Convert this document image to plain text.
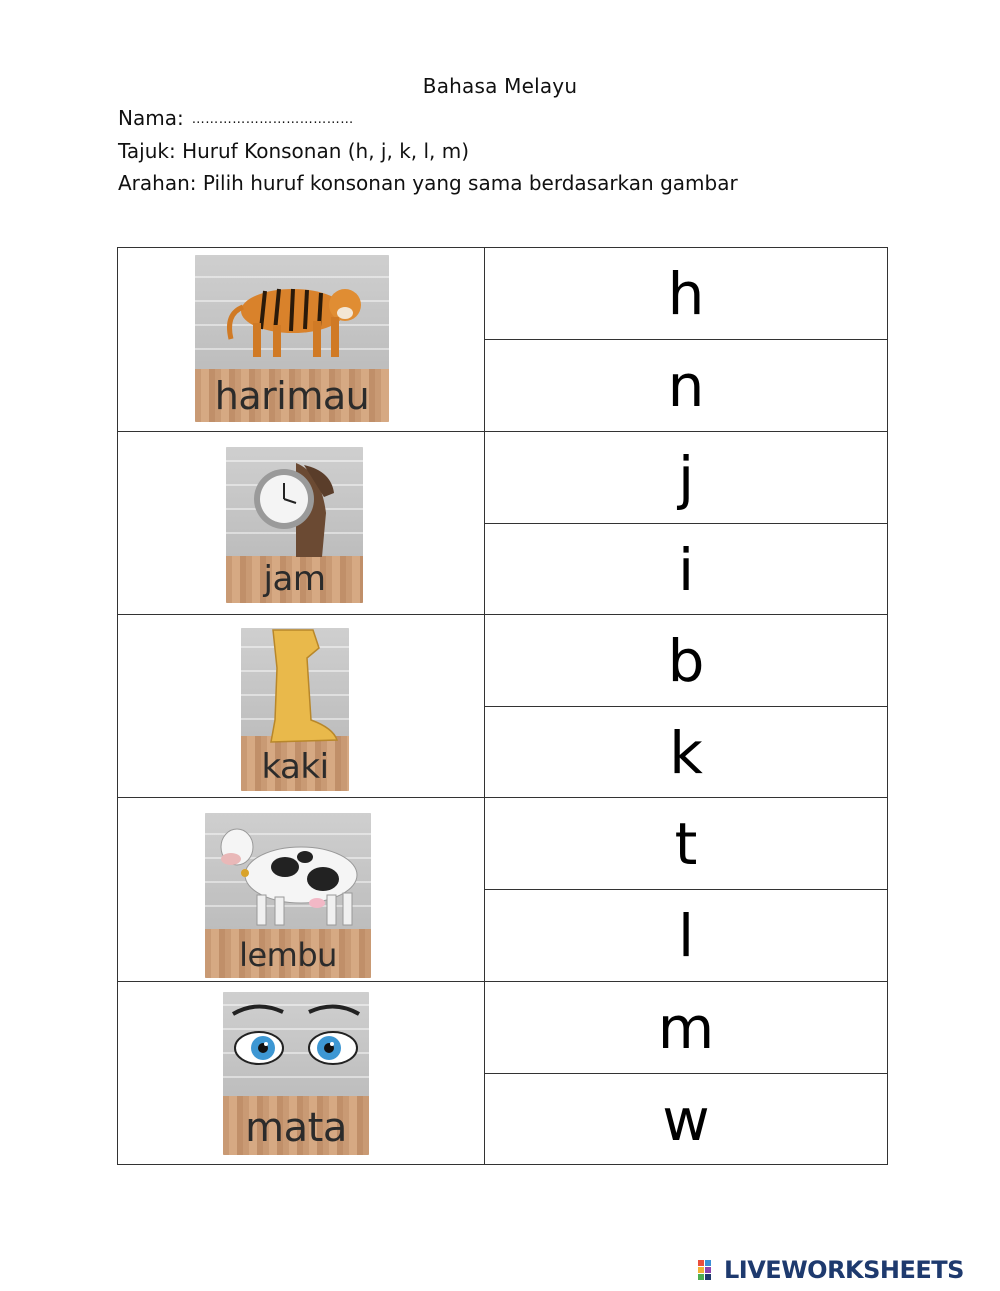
Bahasa Melayu
Nama: ………………………………
Tajuk: Huruf Konsonan (h, j, k, l, m)
Arahan: Pilih huruf konsonan yang sama berdasarkan gambar
harimau
h
n
jam
j
i
kaki
b
k
lembu
t
l
mata
m
w
LIVEWORKSHEETS
